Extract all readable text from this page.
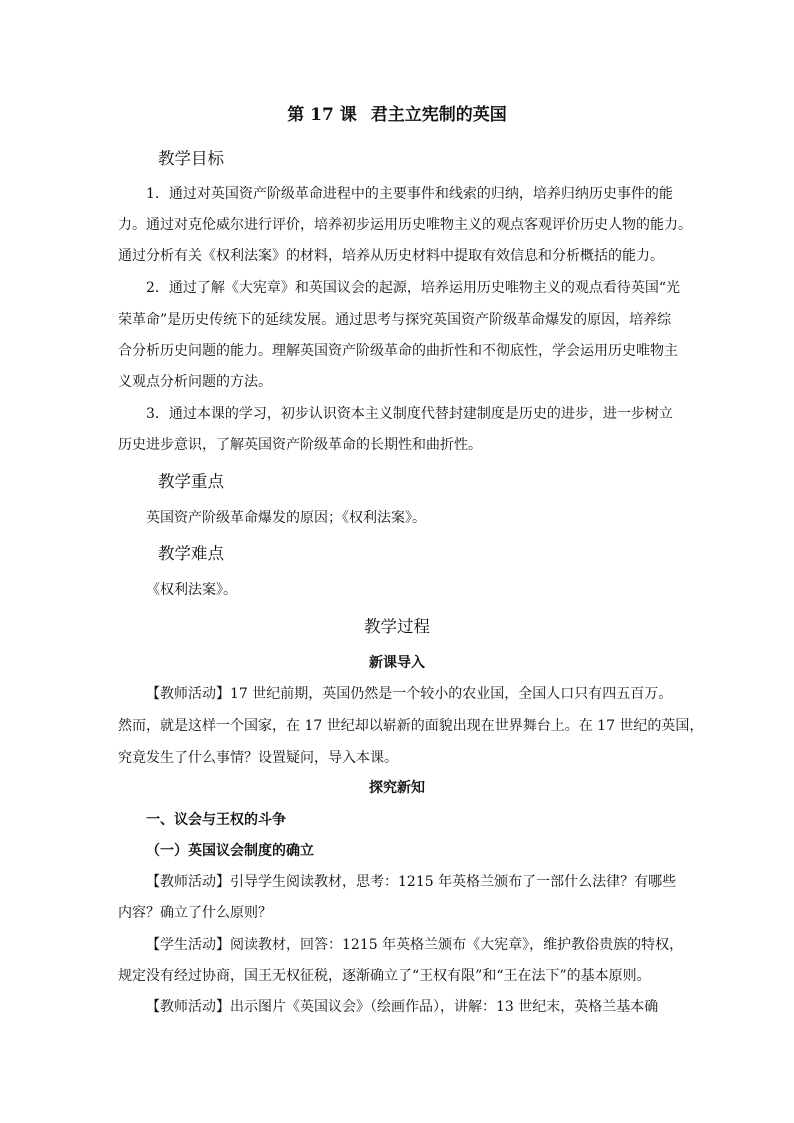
第 17 课 君主立宪制的英国

教学目标

1．通过对英国资产阶级革命进程中的主要事件和线索的归纳，培养归纳历史事件的能

力。通过对克伦威尔进行评价，培养初步运用历史唯物主义的观点客观评价历史人物的能力。

通过分析有关《权利法案》的材料，培养从历史材料中提取有效信息和分析概括的能力。

2．通过了解《大宪章》和英国议会的起源，培养运用历史唯物主义的观点看待英国“光

荣革命”是历史传统下的延续发展。通过思考与探究英国资产阶级革命爆发的原因，培养综

合分析历史问题的能力。理解英国资产阶级革命的曲折性和不彻底性，学会运用历史唯物主

义观点分析问题的方法。

3．通过本课的学习，初步认识资本主义制度代替封建制度是历史的进步，进一步树立

历史进步意识，了解英国资产阶级革命的长期性和曲折性。

教学重点

英国资产阶级革命爆发的原因；《权利法案》。

教学难点

《权利法案》。

教学过程

新课导入

【教师活动】17 世纪前期，英国仍然是一个较小的农业国，全国人口只有四五百万。

然而，就是这样一个国家，在 17 世纪却以崭新的面貌出现在世界舞台上。在 17 世纪的英国，

究竟发生了什么事情？设置疑问，导入本课。

探究新知

一、议会与王权的斗争

（一）英国议会制度的确立

【教师活动】引导学生阅读教材，思考：1215 年英格兰颁布了一部什么法律？有哪些

内容？确立了什么原则？

【学生活动】阅读教材，回答：1215 年英格兰颁布《大宪章》，维护教俗贵族的特权，

规定没有经过协商，国王无权征税，逐渐确立了“王权有限”和“王在法下”的基本原则。

【教师活动】出示图片《英国议会》（绘画作品），讲解：13 世纪末，英格兰基本确
